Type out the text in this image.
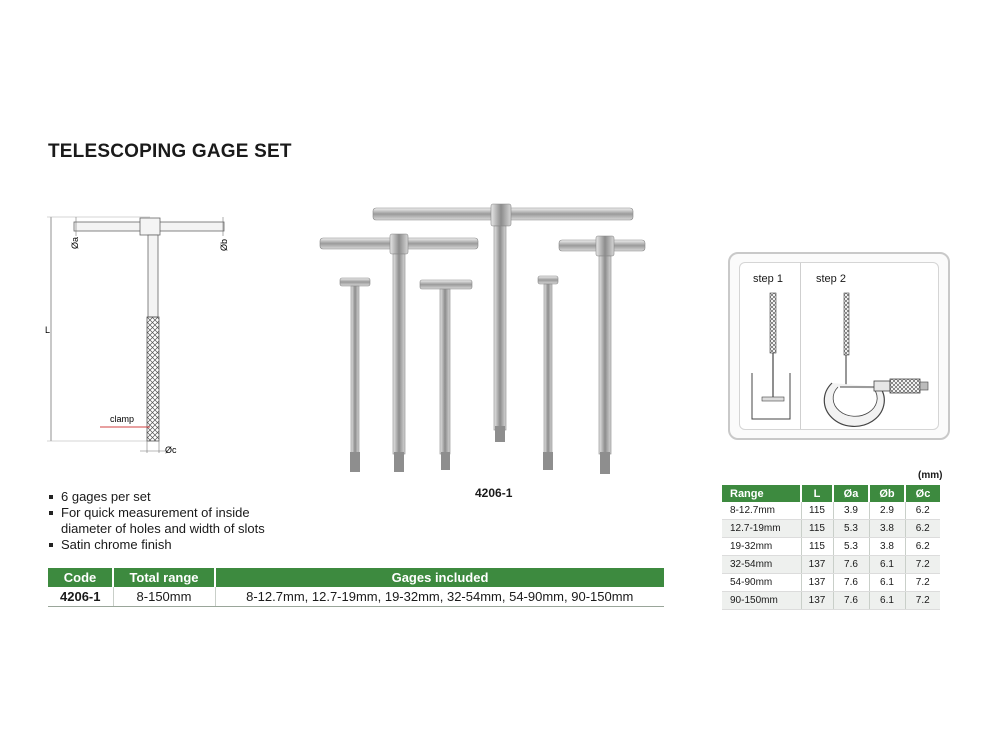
TELESCOPING GAGE SET
L
Øa	Øb
clamp
Øc
4206-1
6 gages per set
For quick measurement of inside
diameter of holes and width of slots
Satin chrome finish
Code	Total range	Gages included
4206-1	8-150mm	8-12.7mm, 12.7-19mm, 19-32mm, 32-54mm, 54-90mm, 90-150mm
step 1	step 2
(mm)
Range	L	Øa	Øb	Øc
8-12.7mm	115	3.9	2.9	6.2
12.7-19mm	115	5.3	3.8	6.2
19-32mm	115	5.3	3.8	6.2
32-54mm	137	7.6	6.1	7.2
54-90mm	137	7.6	6.1	7.2
90-150mm	137	7.6	6.1	7.2
